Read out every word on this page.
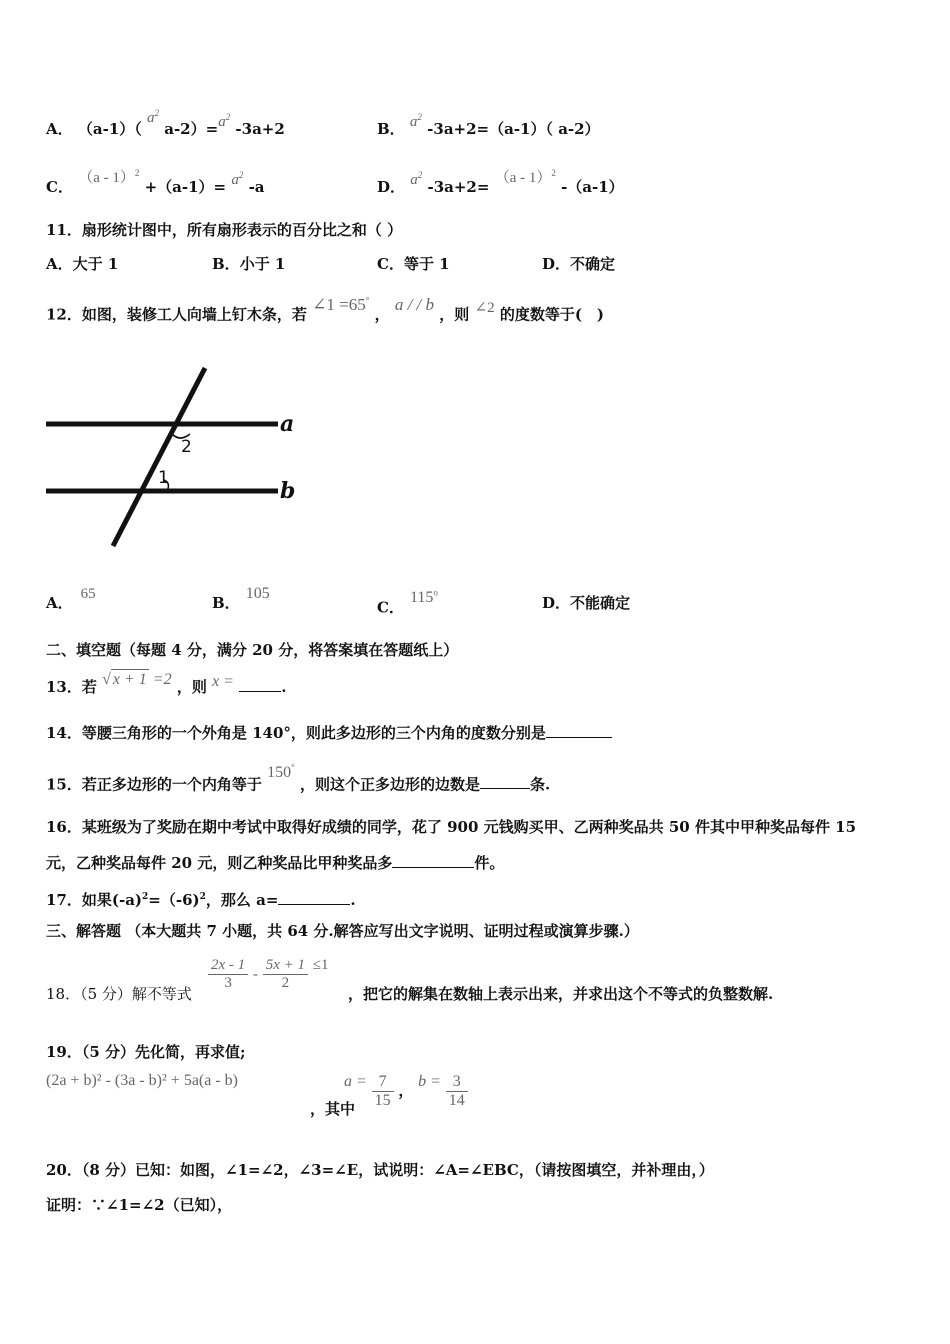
A． （a-1）（ $a^2$ $a-2)=a^2$ -3a+2	B． $a^2$ -3a+2=（a-1）（ a-2）
C． $(a - 1)^2 +(a-1)= a^2$ -a	D． $a^2$ -3a+2= （a - 1）$^2$ -（a-1）
11．扇形统计图中，所有扇形表示的百分比之和（ ）
A．大于 1	B．小于 1	C．等于 1	D．不确定
12．如图，装修工人向墙上钉木条，若 ∠1 =65° ， a / / b ，则 ∠2 的度数等于(　)
a
b
2
1
A． 65	B．105
C．115$^o$
D．不能确定
二、填空题（每题 4 分，满分 20 分，将答案填在答题纸上）
13．若 √ x + 1 =2 ，则 x =	.
14．等腰三角形的一个外角是 140°，则此多边形的三个内角的度数分别是
15．若正多边形的一个内角等于 150° ，则这个正多边形的边数是	条.
16．某班级为了奖励在期中考试中取得好成绩的同学，花了 900 元钱购买甲、乙两种奖品共 50 件其中甲种奖品每件 15
元，乙种奖品每件 20 元，则乙种奖品比甲种奖品多	件。
17．如果$(-a)^2=(-6)^2$，那么 a=	.
三、解答题 （本大题共 7 小题，共 64 分.解答应写出文字说明、证明过程或演算步骤.）
18．（5 分）解不等式
$\frac{2x - 1}{3} - \frac{5x + 1}{2} \le 1$
，把它的解集在数轴上表示出来，并求出这个不等式的负整数解.
19．（5 分）先化简，再求值;
(2a + b)² - (3a - b)² + 5a(a - b)
，其中
$a = \frac{7}{15}$ ， $b = \frac{3}{14}$
20．（8 分）已知：如图，∠1=∠2，∠3=∠E，试说明：∠A=∠EBC，（请按图填空，并补理由，）
证明：∵∠1=∠2（已知），
